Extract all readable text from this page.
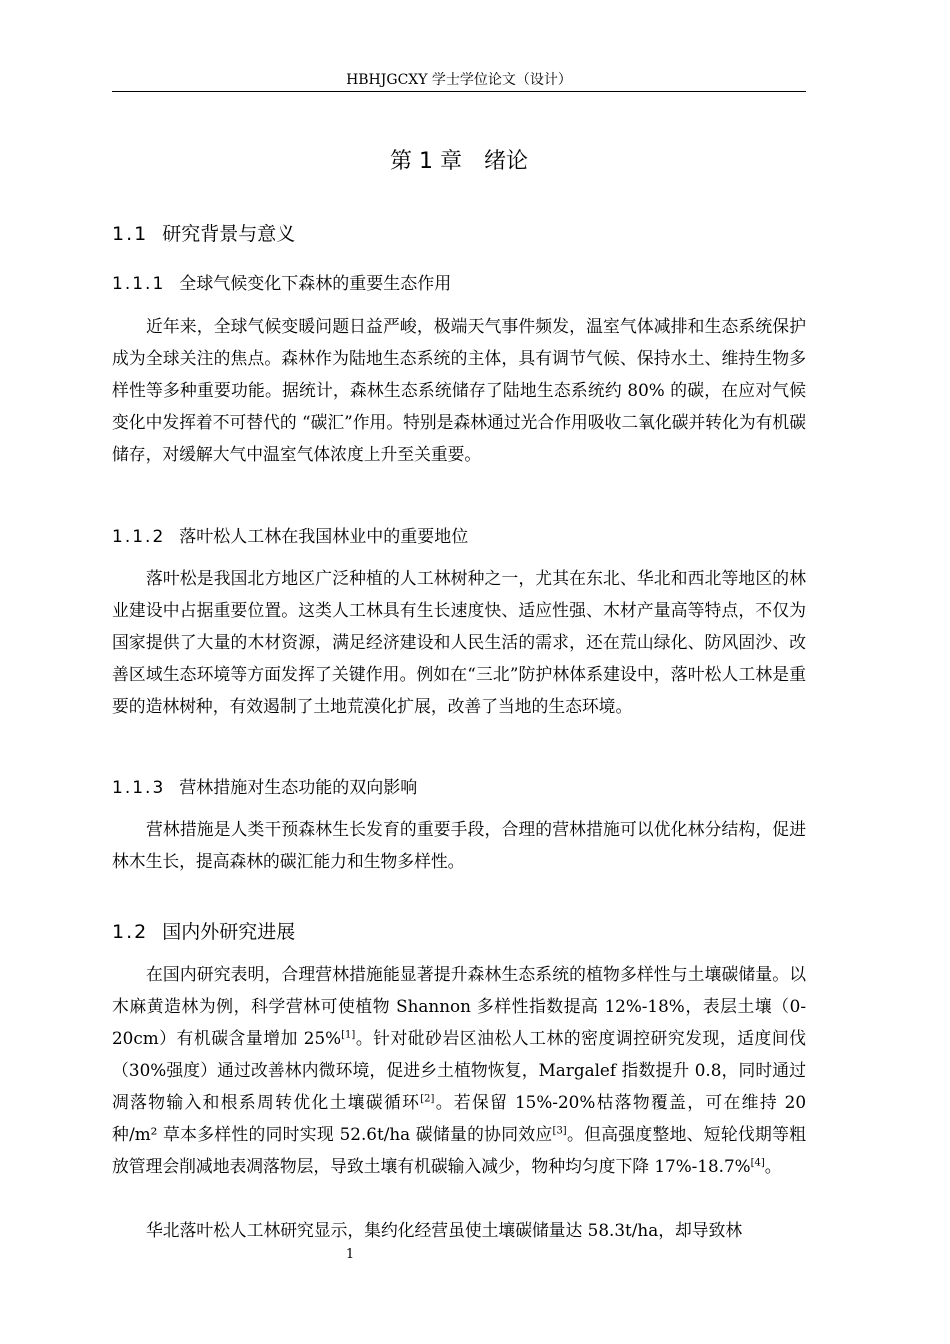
HBHJGCXY 学士学位论文（设计）
第 1 章　绪论
1.1 研究背景与意义
1.1.1 全球气候变化下森林的重要生态作用

近年来，全球气候变暖问题日益严峻，极端天气事件频发，温室气体减排和生态系统保护成为全球关注的焦点。森林作为陆地生态系统的主体，具有调节气候、保持水土、维持生物多样性等多种重要功能。据统计，森林生态系统储存了陆地生态系统约 80% 的碳，在应对气候变化中发挥着不可替代的 “碳汇”作用。特别是森林通过光合作用吸收二氧化碳并转化为有机碳储存，对缓解大气中温室气体浓度上升至关重要。

1.1.2 落叶松人工林在我国林业中的重要地位

落叶松是我国北方地区广泛种植的人工林树种之一，尤其在东北、华北和西北等地区的林业建设中占据重要位置。这类人工林具有生长速度快、适应性强、木材产量高等特点，不仅为国家提供了大量的木材资源，满足经济建设和人民生活的需求，还在荒山绿化、防风固沙、改善区域生态环境等方面发挥了关键作用。例如在“三北”防护林体系建设中，落叶松人工林是重要的造林树种，有效遏制了土地荒漠化扩展，改善了当地的生态环境。

1.1.3 营林措施对生态功能的双向影响

营林措施是人类干预森林生长发育的重要手段，合理的营林措施可以优化林分结构，促进林木生长，提高森林的碳汇能力和生物多样性。

1.2 国内外研究进展

在国内研究表明，合理营林措施能显著提升森林生态系统的植物多样性与土壤碳储量。以木麻黄造林为例，科学营林可使植物 Shannon 多样性指数提高 12%-18%，表层土壤（0-20cm）有机碳含量增加 25%[1]。针对砒砂岩区油松人工林的密度调控研究发现，适度间伐（30%强度）通过改善林内微环境，促进乡土植物恢复，Margalef 指数提升 0.8，同时通过凋落物输入和根系周转优化土壤碳循环[2]。若保留 15%-20%枯落物覆盖，可在维持 20 种/m² 草本多样性的同时实现 52.6t/ha 碳储量的协同效应[3]。但高强度整地、短轮伐期等粗放管理会削减地表凋落物层，导致土壤有机碳输入减少，物种均匀度下降 17%-18.7%[4]。

华北落叶松人工林研究显示，集约化经营虽使土壤碳储量达 58.3t/ha，却导致林

1
